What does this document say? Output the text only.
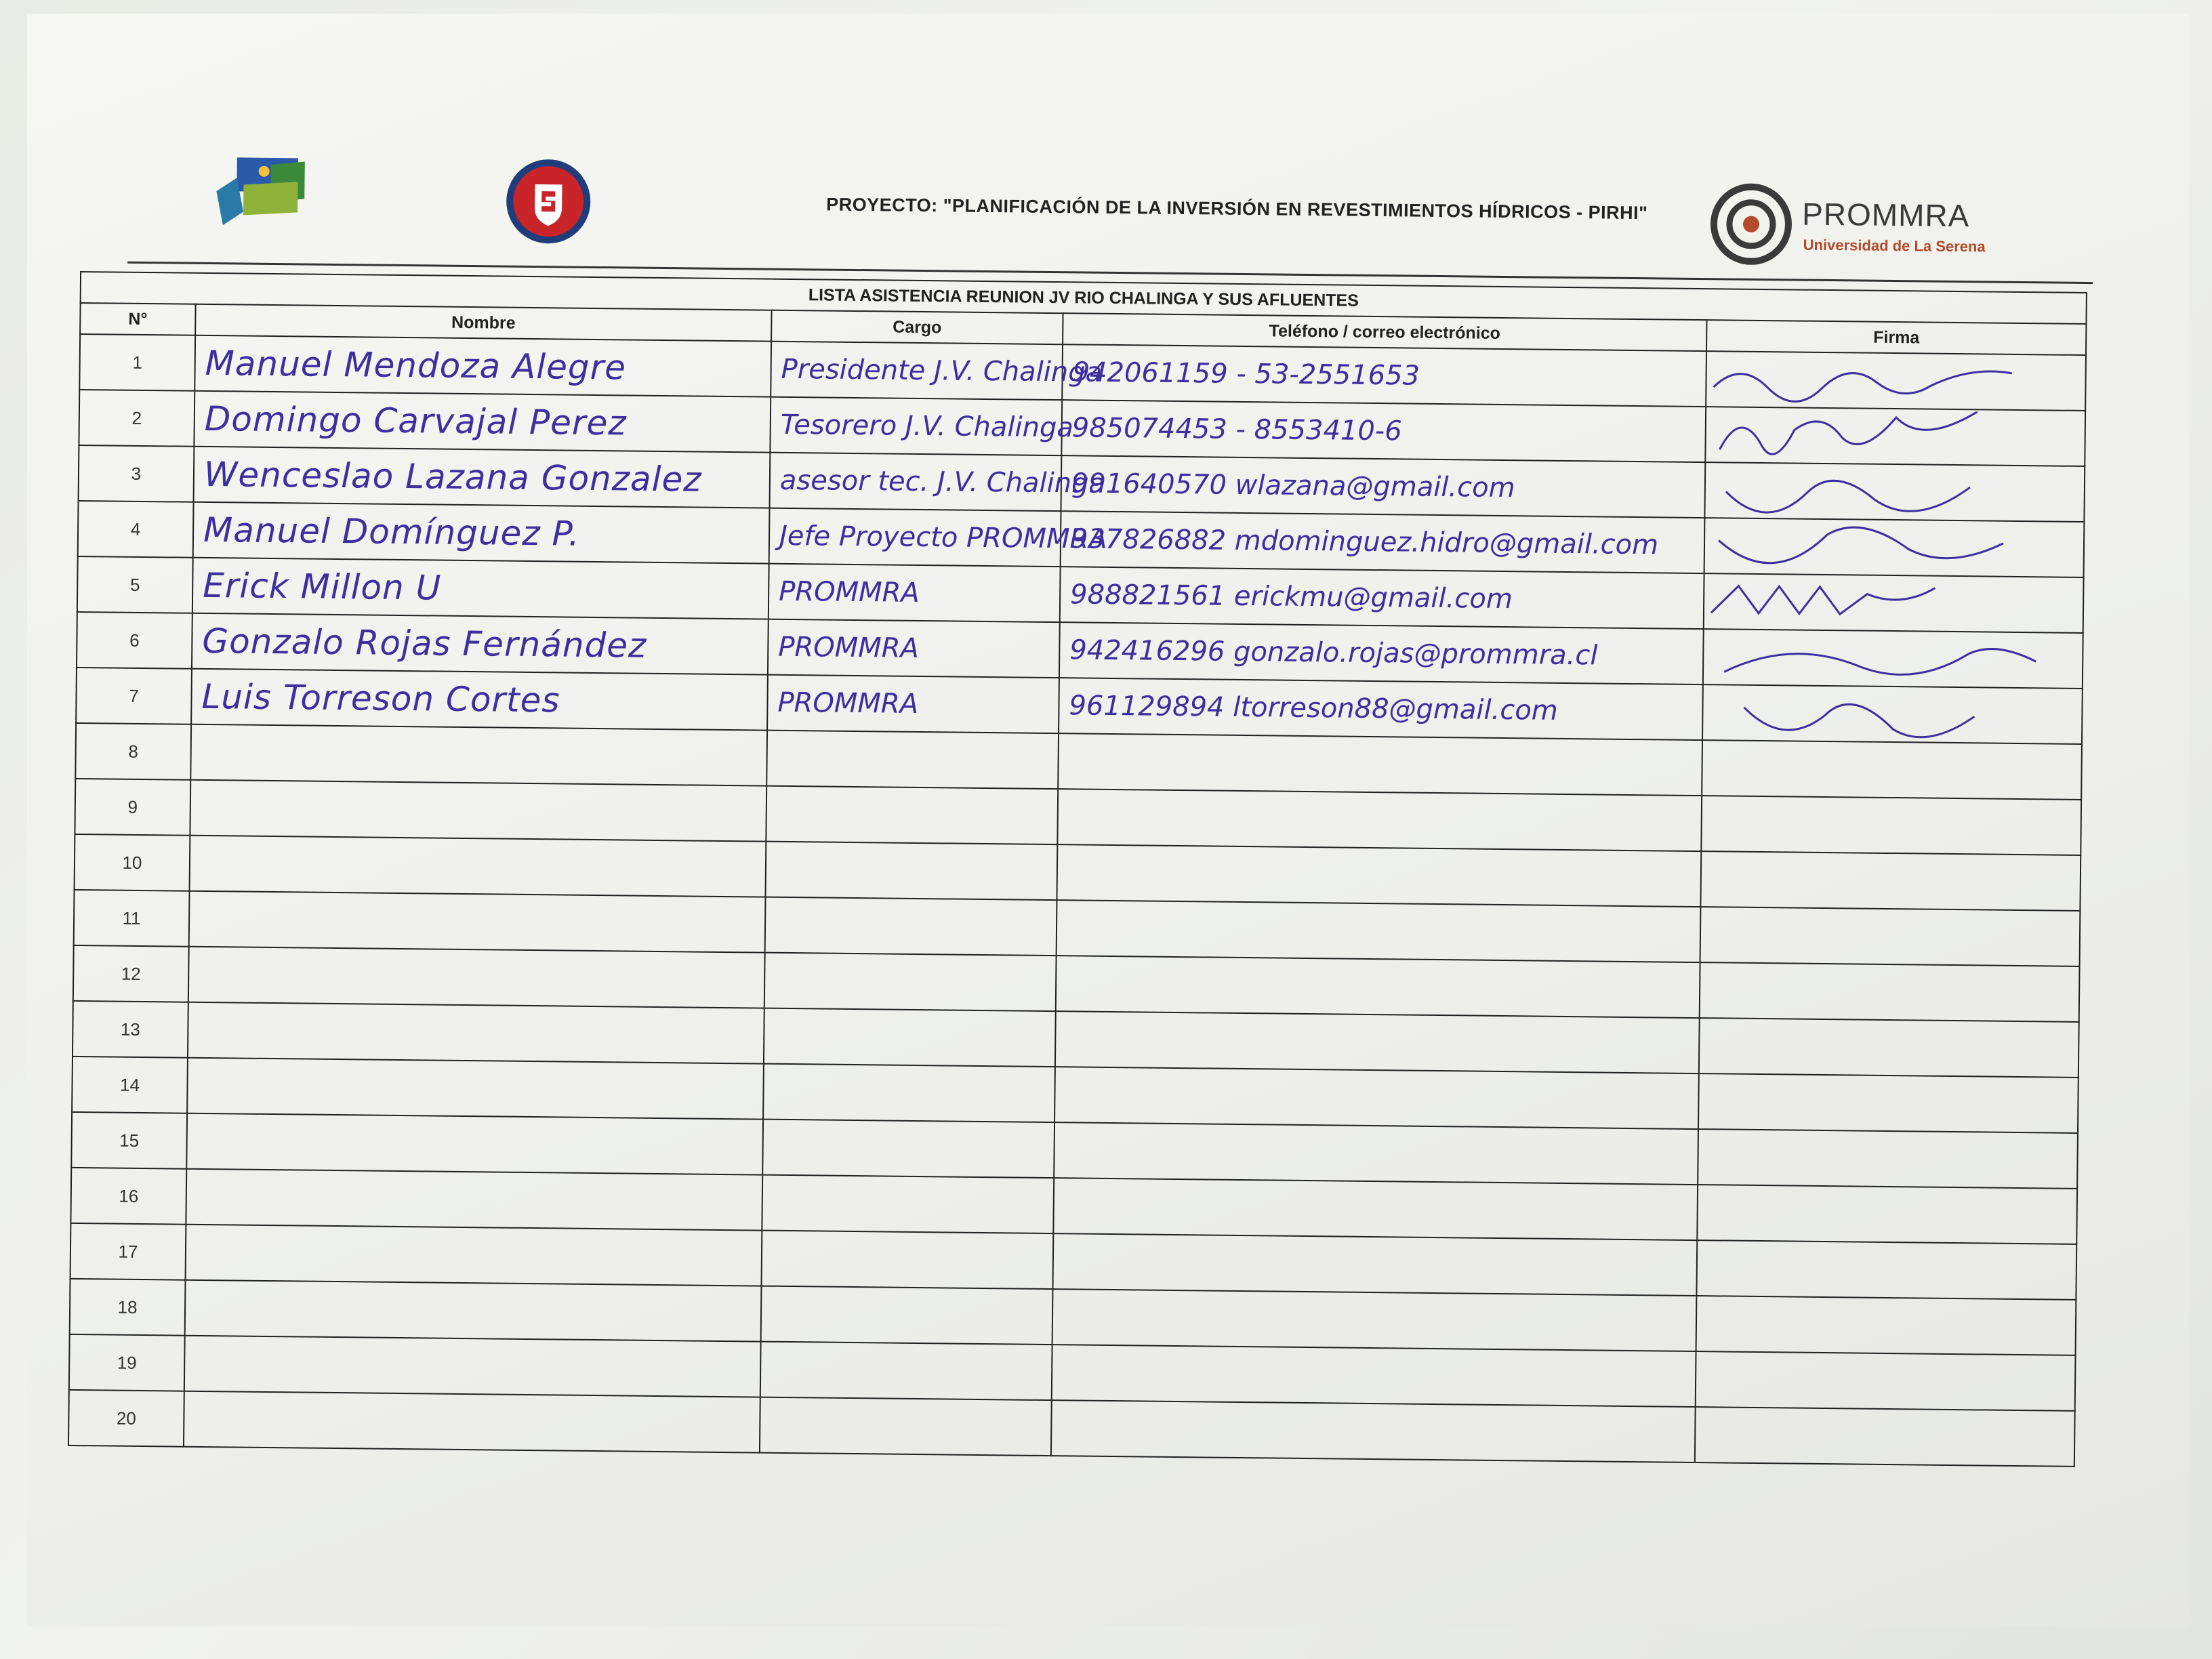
PROYECTO: "PLANIFICACIÓN DE LA INVERSIÓN EN REVESTIMIENTOS HÍDRICOS - PIRHI"	PROMMRA
Universidad de La Serena
LISTA ASISTENCIA REUNION JV RIO CHALINGA Y SUS AFLUENTES				
N°	Nombre	Cargo	Teléfono / correo electrónico	Firma
1	Manuel Mendoza Alegre	Presidente J.V. Chalinga	942061159 - 53-2551653	

2	Domingo Carvajal Perez	Tesorero J.V. Chalinga	985074453 - 8553410-6	

3	Wenceslao Lazana Gonzalez	asesor tec. J.V. Chalinga	991640570 wlazana@gmail.com	

4	Manuel Domínguez P.	Jefe Proyecto PROMMRA	937826882 mdominguez.hidro@gmail.com	

5	Erick Millon U	PROMMRA	988821561 erickmu@gmail.com	

6	Gonzalo Rojas Fernández	PROMMRA	942416296 gonzalo.rojas@prommra.cl	

7	Luis Torreson Cortes	PROMMRA	961129894 ltorreson88@gmail.com	

8				
9				
10				
11				
12				
13				
14				
15				
16				
17				
18				
19				
20				
